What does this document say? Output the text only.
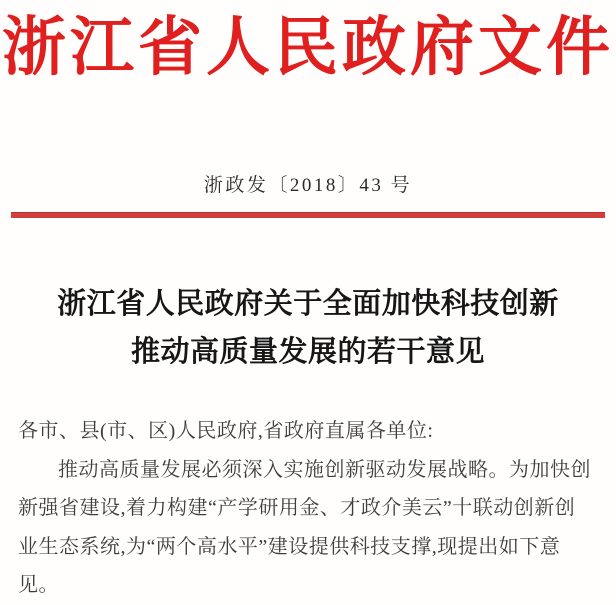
浙江省人民政府文件
浙政发〔2018〕43 号
浙江省人民政府关于全面加快科技创新
推动高质量发展的若干意见

各市、县(市、区)人民政府,省政府直属各单位:

推动高质量发展必须深入实施创新驱动发展战略。为加快创

新强省建设,着力构建“产学研用金、才政介美云”十联动创新创

业生态系统,为“两个高水平”建设提供科技支撑,现提出如下意

见。
